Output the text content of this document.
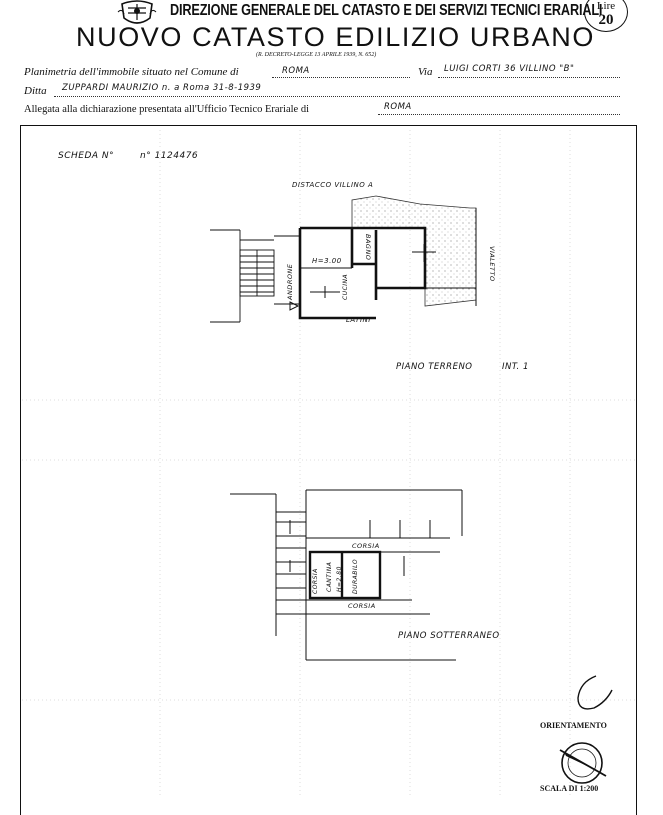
Lire
20
DIREZIONE GENERALE DEL CATASTO E DEI SERVIZI TECNICI ERARIALI
NUOVO CATASTO EDILIZIO URBANO
(R. DECRETO-LEGGE 13 APRILE 1939, N. 652)
Planimetria dell'immobile situato nel Comune di	ROMA	Via LUIGI CORTI 36 VILLINO "B"
Ditta ZUPPARDI MAURIZIO n. a Roma 31-8-1939
Allegata alla dichiarazione presentata all'Ufficio Tecnico Erariale di	ROMA
SCHEDA N°	n° 1124476
DISTACCO VILLINO A
H=3.00
ANDRONE
BAGNO
CUCINA
VIALETTO
LATINI
PIANO TERRENO	INT. 1
CORSIA
CORSIA CANTINA H=2.80 DURABILO
CORSIA
PIANO SOTTERRANEO
ORIENTAMENTO
SCALA DI 1:200
